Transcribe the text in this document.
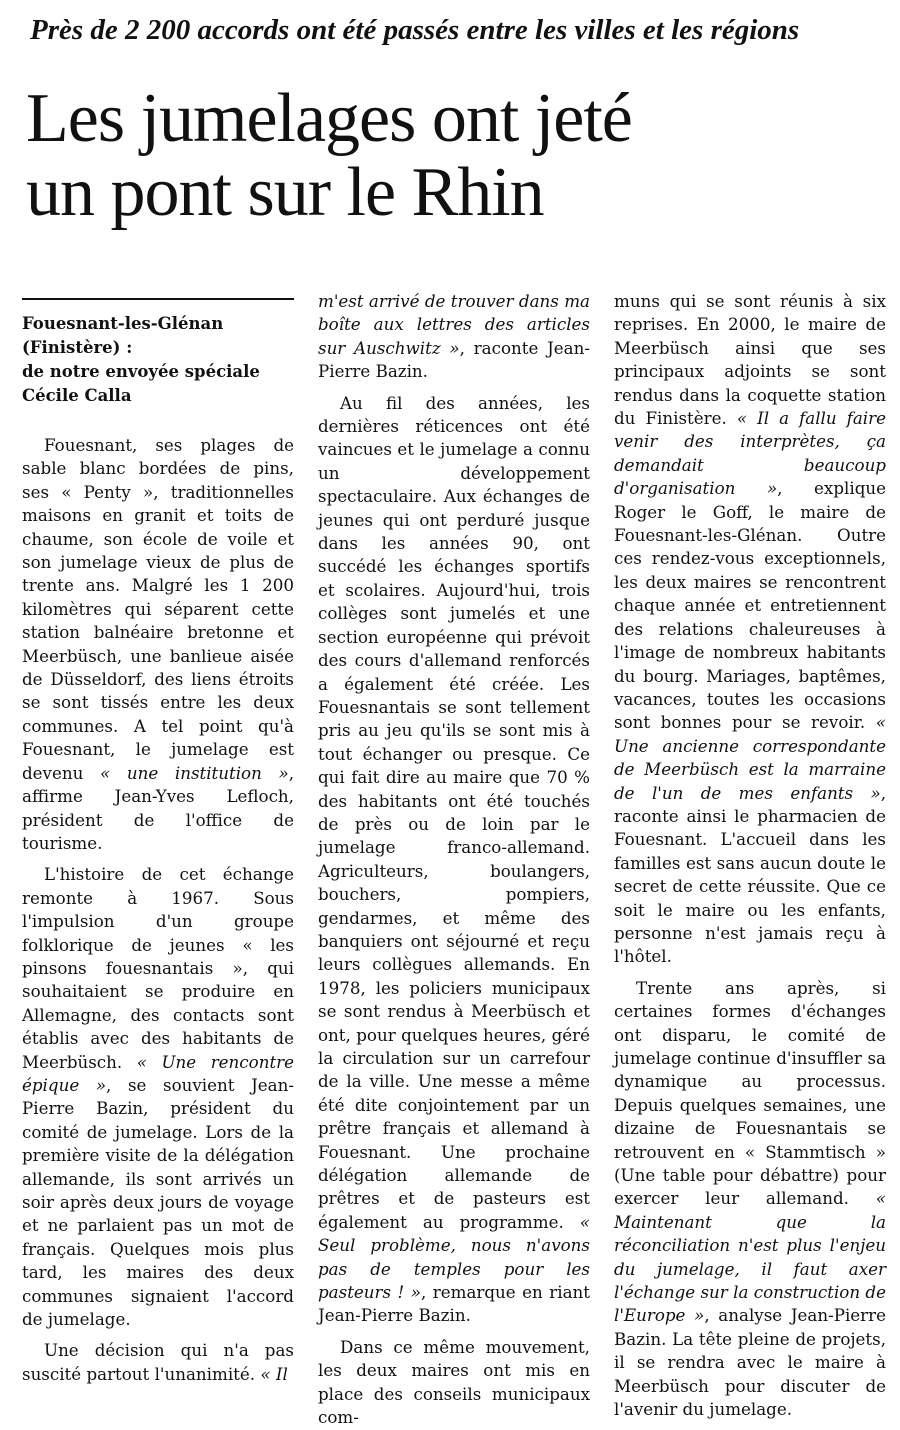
Près de 2 200 accords ont été passés entre les villes et les régions
Les jumelages ont jeté
un pont sur le Rhin
Fouesnant-les-Glénan
(Finistère) :
de notre envoyée spéciale
Cécile Calla

Fouesnant, ses plages de sable blanc bordées de pins, ses « Penty », traditionnelles maisons en granit et toits de chaume, son école de voile et son jumelage vieux de plus de trente ans. Malgré les 1 200 kilomètres qui séparent cette station balnéaire bretonne et Meerbüsch, une banlieue aisée de Düsseldorf, des liens étroits se sont tissés entre les deux communes. A tel point qu'à Fouesnant, le jumelage est devenu « une institution », affirme Jean-Yves Lefloch, président de l'office de tourisme.

L'histoire de cet échange remonte à 1967. Sous l'impulsion d'un groupe folklorique de jeunes « les pinsons fouesnantais », qui souhaitaient se produire en Allemagne, des contacts sont établis avec des habitants de Meerbüsch. « Une rencontre épique », se souvient Jean-Pierre Bazin, président du comité de jumelage. Lors de la première visite de la délégation allemande, ils sont arrivés un soir après deux jours de voyage et ne parlaient pas un mot de français. Quelques mois plus tard, les maires des deux communes signaient l'accord de jumelage.

Une décision qui n'a pas suscité partout l'unanimité. « Il

m'est arrivé de trouver dans ma boîte aux lettres des articles sur Auschwitz », raconte Jean-Pierre Bazin.

Au fil des années, les dernières réticences ont été vaincues et le jumelage a connu un développement spectaculaire. Aux échanges de jeunes qui ont perduré jusque dans les années 90, ont succédé les échanges sportifs et scolaires. Aujourd'hui, trois collèges sont jumelés et une section européenne qui prévoit des cours d'allemand renforcés a également été créée. Les Fouesnantais se sont tellement pris au jeu qu'ils se sont mis à tout échanger ou presque. Ce qui fait dire au maire que 70 % des habitants ont été touchés de près ou de loin par le jumelage franco-allemand. Agriculteurs, boulangers, bouchers, pompiers, gendarmes, et même des banquiers ont séjourné et reçu leurs collègues allemands. En 1978, les policiers municipaux se sont rendus à Meerbüsch et ont, pour quelques heures, géré la circulation sur un carrefour de la ville. Une messe a même été dite conjointement par un prêtre français et allemand à Fouesnant. Une prochaine délégation allemande de prêtres et de pasteurs est également au programme. « Seul problème, nous n'avons pas de temples pour les pasteurs ! », remarque en riant Jean-Pierre Bazin.

Dans ce même mouvement, les deux maires ont mis en place des conseils municipaux com-

muns qui se sont réunis à six reprises. En 2000, le maire de Meerbüsch ainsi que ses principaux adjoints se sont rendus dans la coquette station du Finistère. « Il a fallu faire venir des interprètes, ça demandait beaucoup d'organisation », explique Roger le Goff, le maire de Fouesnant-les-Glénan. Outre ces rendez-vous exceptionnels, les deux maires se rencontrent chaque année et entretiennent des relations chaleureuses à l'image de nombreux habitants du bourg. Mariages, baptêmes, vacances, toutes les occasions sont bonnes pour se revoir. « Une ancienne correspondante de Meerbüsch est la marraine de l'un de mes enfants », raconte ainsi le pharmacien de Fouesnant. L'accueil dans les familles est sans aucun doute le secret de cette réussite. Que ce soit le maire ou les enfants, personne n'est jamais reçu à l'hôtel.

Trente ans après, si certaines formes d'échanges ont disparu, le comité de jumelage continue d'insuffler sa dynamique au processus. Depuis quelques semaines, une dizaine de Fouesnantais se retrouvent en « Stammtisch » (Une table pour débattre) pour exercer leur allemand. « Maintenant que la réconciliation n'est plus l'enjeu du jumelage, il faut axer l'échange sur la construction de l'Europe », analyse Jean-Pierre Bazin. La tête pleine de projets, il se rendra avec le maire à Meerbüsch pour discuter de l'avenir du jumelage.
